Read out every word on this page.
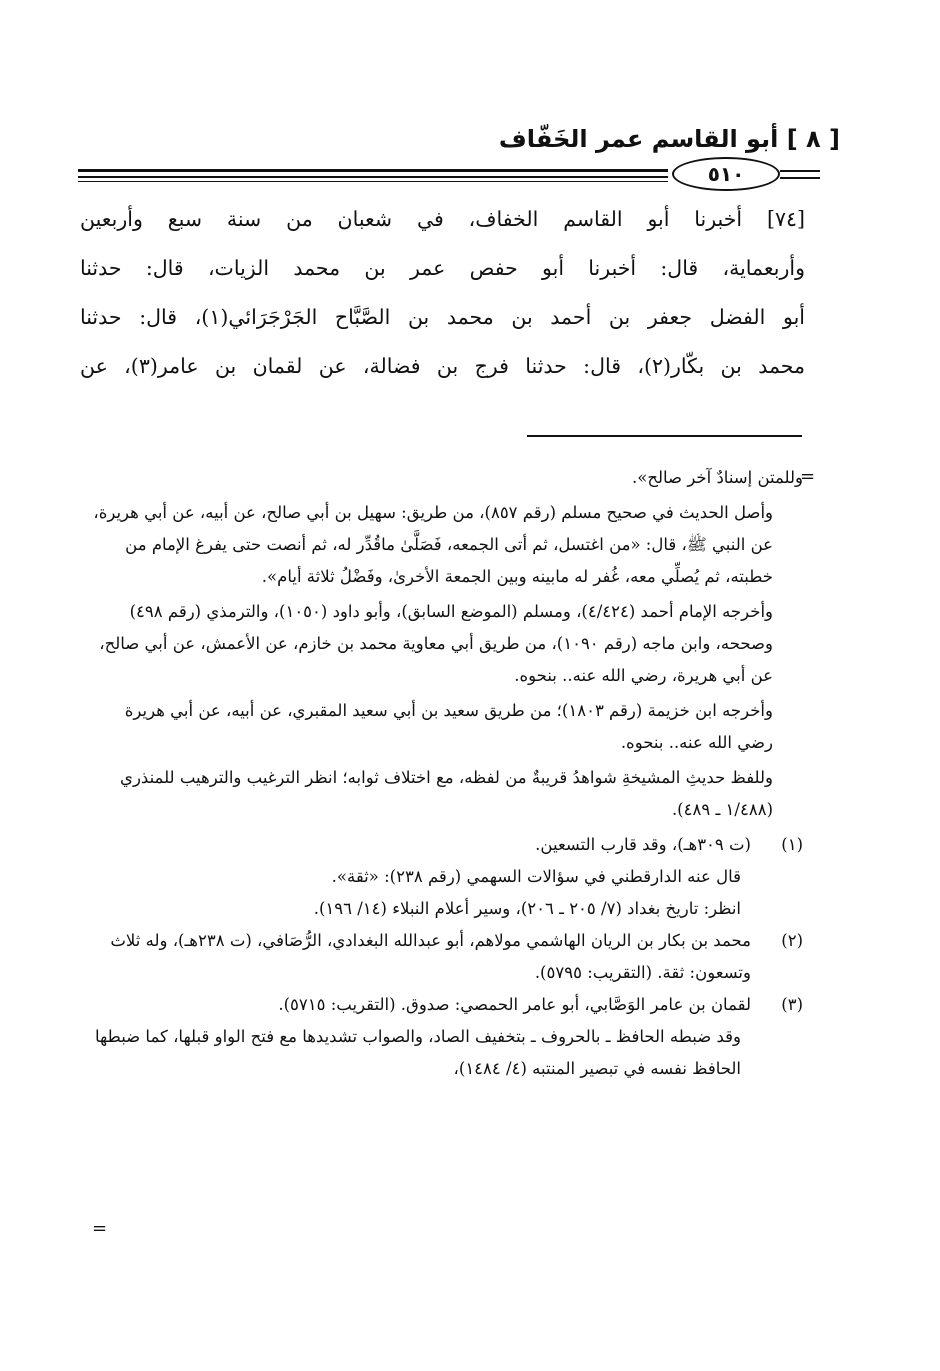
[ ٨ ] أبو القاسم عمر الخَفّاف
٥١٠

[٧٤] أخبرنا أبو القاسم الخفاف، في شعبان من سنة سبع وأربعين

وأربعماية، قال: أخبرنا أبو حفص عمر بن محمد الزيات، قال: حدثنا

أبو الفضل جعفر بن أحمد بن محمد بن الصَّبَّاح الجَرْجَرَائي(١)، قال: حدثنا

محمد بن بكّار(٢)، قال: حدثنا فرج بن فضالة، عن لقمان بن عامر(٣)، عن

=

وللمتن إسنادٌ آخر صالح».

وأصل الحديث في صحيح مسلم (رقم ٨٥٧)، من طريق: سهيل بن أبي صالح، عن أبيه، عن أبي هريرة، عن النبي ﷺ، قال: «من اغتسل، ثم أتى الجمعه، فَصَلَّىٰ ماقُدِّر له، ثم أنصت حتى يفرغ الإمام من خطبته، ثم يُصلِّي معه، غُفر له مابينه وبين الجمعة الأخرىٰ، وفَضْلُ ثلاثة أيام».

وأخرجه الإمام أحمد (٤/٤٢٤)، ومسلم (الموضع السابق)، وأبو داود (١٠٥٠)، والترمذي (رقم ٤٩٨) وصححه، وابن ماجه (رقم ١٠٩٠)، من طريق أبي معاوية محمد بن خازم، عن الأعمش، عن أبي صالح، عن أبي هريرة، رضي الله عنه.. بنحوه.

وأخرجه ابن خزيمة (رقم ١٨٠٣)؛ من طريق سعيد بن أبي سعيد المقبري، عن أبيه، عن أبي هريرة رضي الله عنه.. بنحوه.

وللفظ حديثِ المشيخةِ شواهدُ قريبةٌ من لفظه، مع اختلاف ثوابه؛ انظر الترغيب والترهيب للمنذري (١/٤٨٨ ـ ٤٨٩).

(١)

(ت ٣٠٩هـ)، وقد قارب التسعين.

قال عنه الدارقطني في سؤالات السهمي (رقم ٢٣٨): «ثقة».

انظر: تاريخ بغداد (٧/ ٢٠٥ ـ ٢٠٦)، وسير أعلام النبلاء (١٤/ ١٩٦).

(٢)

محمد بن بكار بن الريان الهاشمي مولاهم، أبو عبدالله البغدادي، الرُّصَافي، (ت ٢٣٨هـ)، وله ثلاث وتسعون: ثقة. (التقريب: ٥٧٩٥).

(٣)

لقمان بن عامر الوَصَّابي، أبو عامر الحمصي: صدوق. (التقريب: ٥٧١٥).

وقد ضبطه الحافظ ـ بالحروف ـ بتخفيف الصاد، والصواب تشديدها مع فتح الواو قبلها، كما ضبطها الحافظ نفسه في تبصير المنتبه (٤/ ١٤٨٤)،

=
